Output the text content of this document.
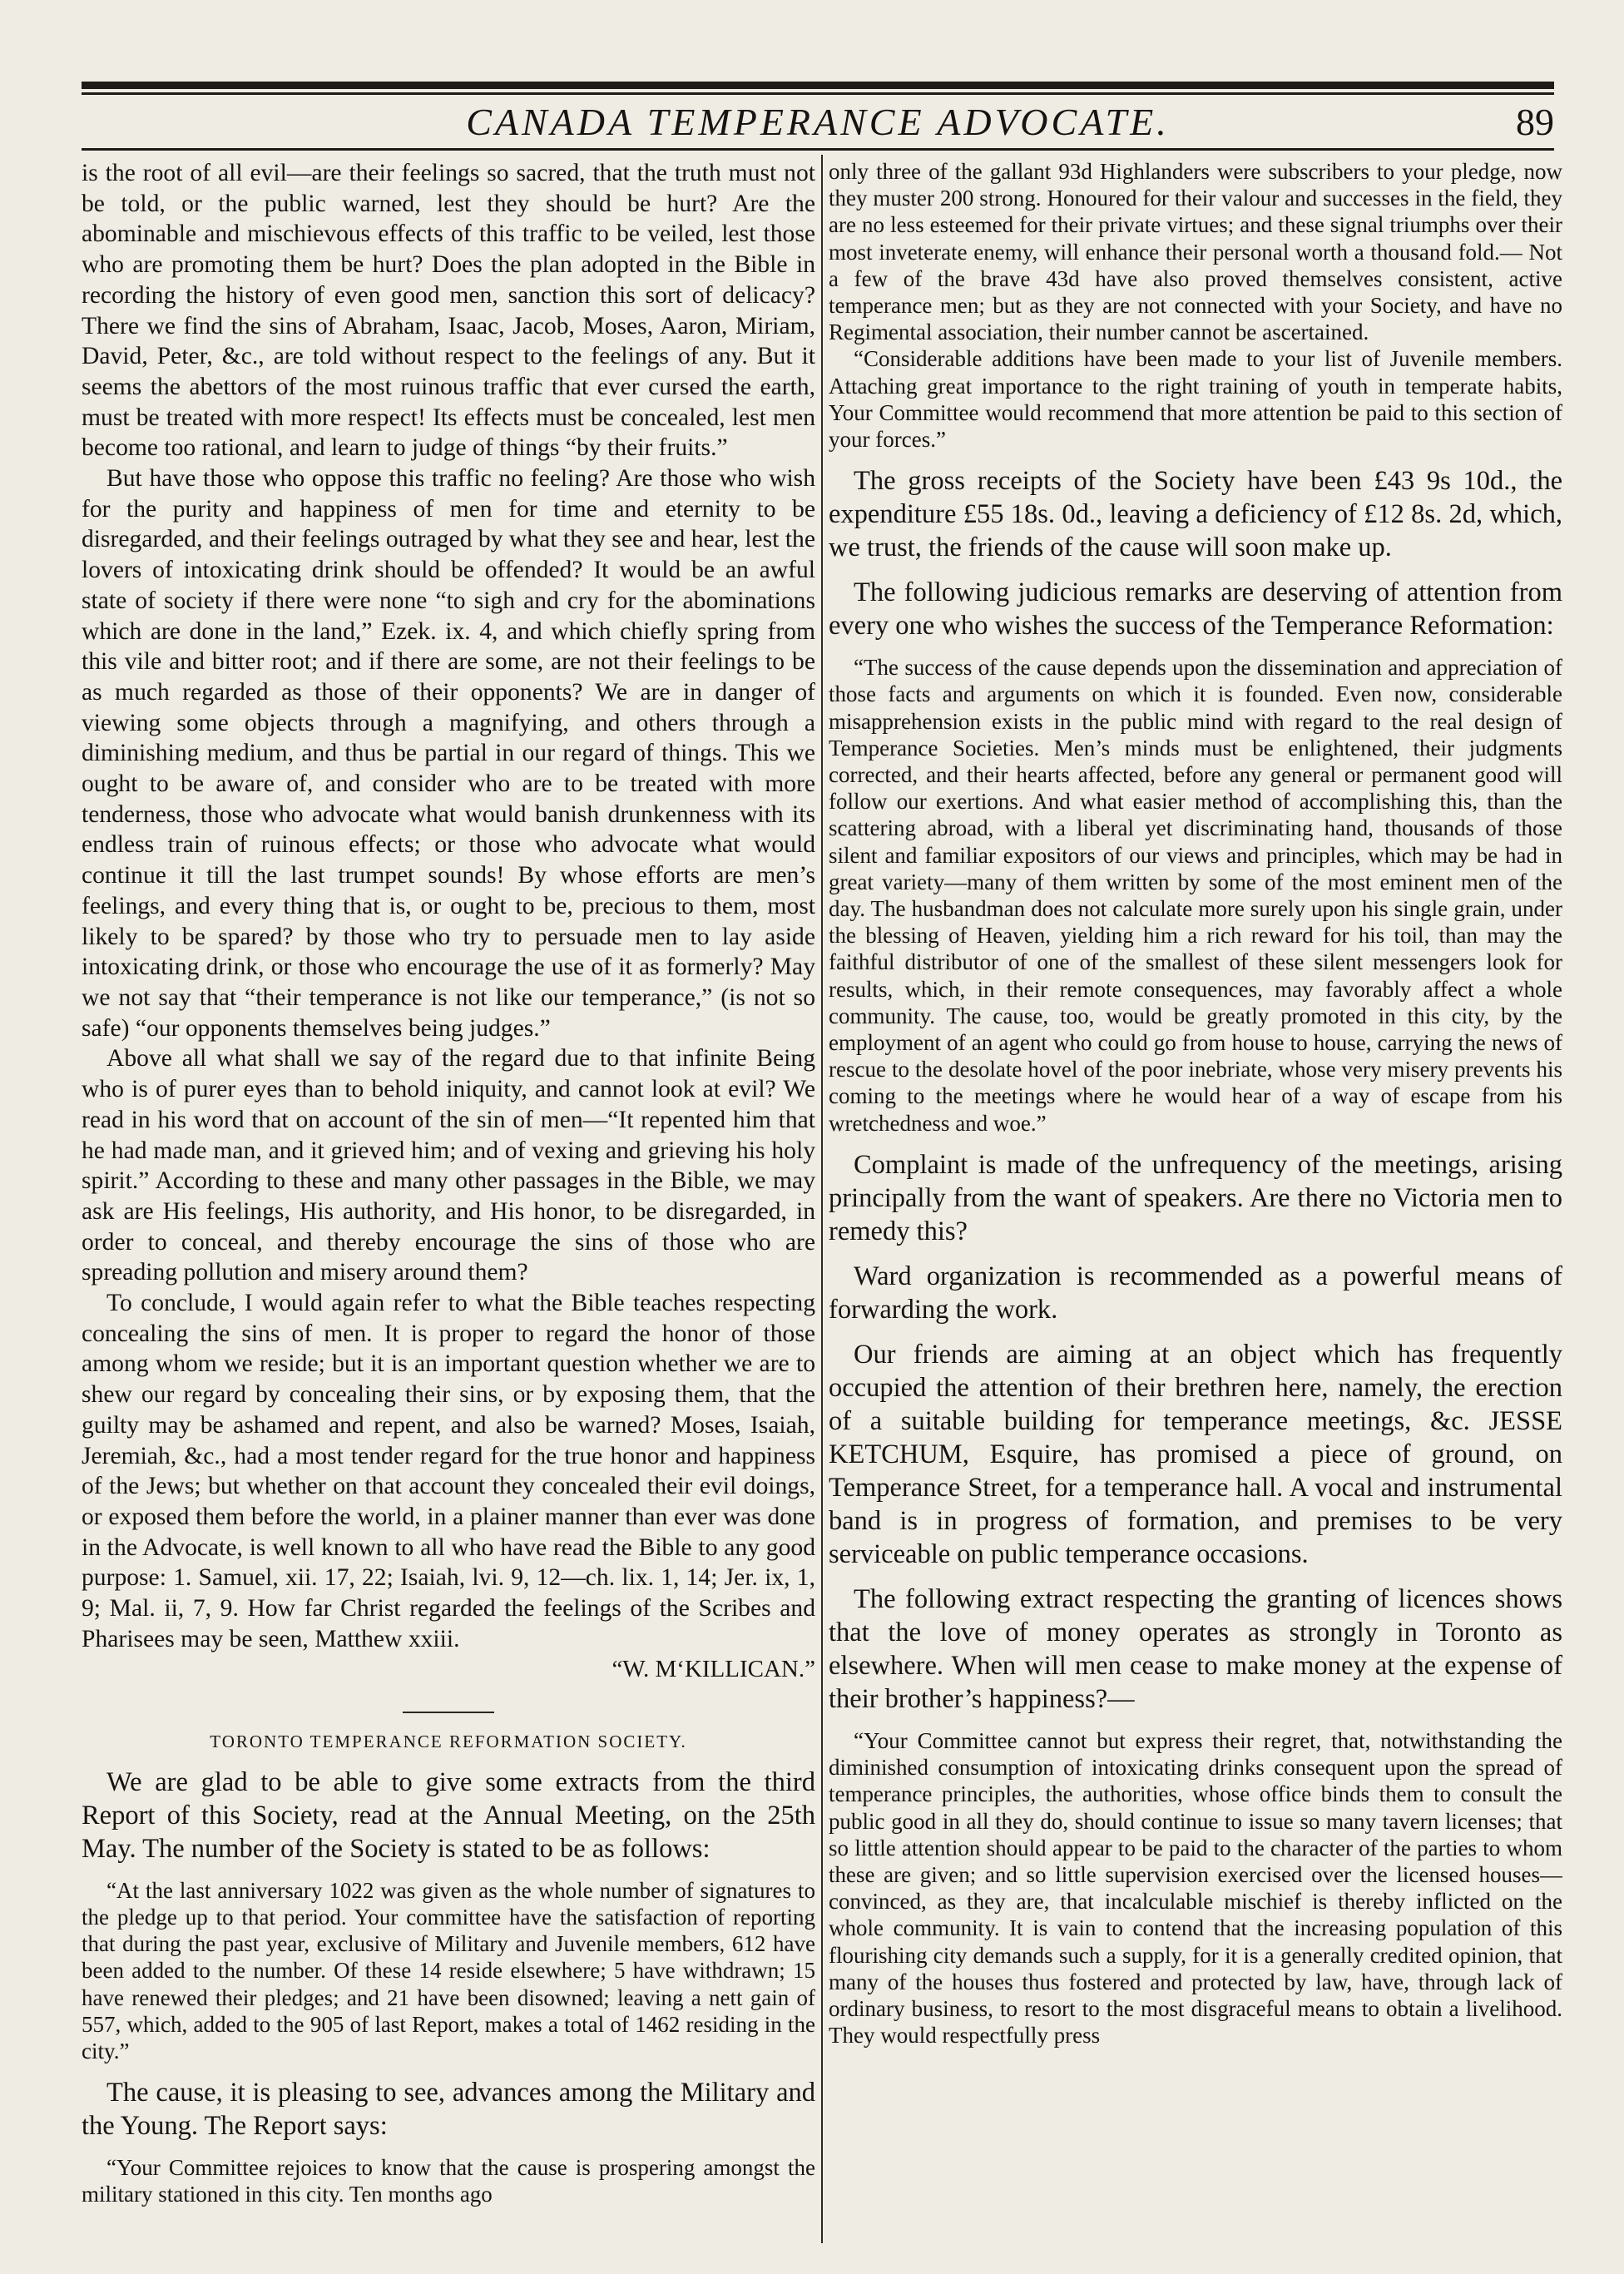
CANADA TEMPERANCE ADVOCATE.	89

is the root of all evil—are their feelings so sacred, that the truth must not be told, or the public warned, lest they should be hurt? Are the abominable and mischievous effects of this traffic to be veiled, lest those who are promoting them be hurt? Does the plan adopted in the Bible in recording the history of even good men, sanction this sort of delicacy? There we find the sins of Abraham, Isaac, Jacob, Moses, Aaron, Miriam, David, Peter, &c., are told without respect to the feelings of any. But it seems the abettors of the most ruinous traffic that ever cursed the earth, must be treated with more respect! Its effects must be concealed, lest men become too rational, and learn to judge of things “by their fruits.”

But have those who oppose this traffic no feeling? Are those who wish for the purity and happiness of men for time and eternity to be disregarded, and their feelings outraged by what they see and hear, lest the lovers of intoxicating drink should be offended? It would be an awful state of society if there were none “to sigh and cry for the abominations which are done in the land,” Ezek. ix. 4, and which chiefly spring from this vile and bitter root; and if there are some, are not their feelings to be as much regarded as those of their opponents? We are in danger of viewing some objects through a magnifying, and others through a diminishing medium, and thus be partial in our regard of things. This we ought to be aware of, and consider who are to be treated with more tenderness, those who advocate what would banish drunkenness with its endless train of ruinous effects; or those who advocate what would continue it till the last trumpet sounds! By whose efforts are men’s feelings, and every thing that is, or ought to be, precious to them, most likely to be spared? by those who try to persuade men to lay aside intoxicating drink, or those who encourage the use of it as formerly? May we not say that “their temperance is not like our temperance,” (is not so safe) “our opponents themselves being judges.”

Above all what shall we say of the regard due to that infinite Being who is of purer eyes than to behold iniquity, and cannot look at evil? We read in his word that on account of the sin of men—“It repented him that he had made man, and it grieved him; and of vexing and grieving his holy spirit.” According to these and many other passages in the Bible, we may ask are His feelings, His authority, and His honor, to be disregarded, in order to conceal, and thereby encourage the sins of those who are spreading pollution and misery around them?

To conclude, I would again refer to what the Bible teaches respecting concealing the sins of men. It is proper to regard the honor of those among whom we reside; but it is an important question whether we are to shew our regard by concealing their sins, or by exposing them, that the guilty may be ashamed and repent, and also be warned? Moses, Isaiah, Jeremiah, &c., had a most tender regard for the true honor and happiness of the Jews; but whether on that account they concealed their evil doings, or exposed them before the world, in a plainer manner than ever was done in the Advocate, is well known to all who have read the Bible to any good purpose: 1. Samuel, xii. 17, 22; Isaiah, lvi. 9, 12—ch. lix. 1, 14; Jer. ix, 1, 9; Mal. ii, 7, 9. How far Christ regarded the feelings of the Scribes and Pharisees may be seen, Matthew xxiii.

“W. M‘KILLICAN.”

TORONTO TEMPERANCE REFORMATION SOCIETY.

We are glad to be able to give some extracts from the third Report of this Society, read at the Annual Meeting, on the 25th May. The number of the Society is stated to be as follows:

“At the last anniversary 1022 was given as the whole number of signatures to the pledge up to that period. Your committee have the satisfaction of reporting that during the past year, exclusive of Military and Juvenile members, 612 have been added to the number. Of these 14 reside elsewhere; 5 have withdrawn; 15 have renewed their pledges; and 21 have been disowned; leaving a nett gain of 557, which, added to the 905 of last Report, makes a total of 1462 residing in the city.”

The cause, it is pleasing to see, advances among the Military and the Young. The Report says:

“Your Committee rejoices to know that the cause is prospering amongst the military stationed in this city. Ten months ago

only three of the gallant 93d Highlanders were subscribers to your pledge, now they muster 200 strong. Honoured for their valour and successes in the field, they are no less esteemed for their private virtues; and these signal triumphs over their most inveterate enemy, will enhance their personal worth a thousand fold.— Not a few of the brave 43d have also proved themselves consistent, active temperance men; but as they are not connected with your Society, and have no Regimental association, their number cannot be ascertained.

“Considerable additions have been made to your list of Juvenile members. Attaching great importance to the right training of youth in temperate habits, Your Committee would recommend that more attention be paid to this section of your forces.”

The gross receipts of the Society have been £43 9s 10d., the expenditure £55 18s. 0d., leaving a deficiency of £12 8s. 2d, which, we trust, the friends of the cause will soon make up.

The following judicious remarks are deserving of attention from every one who wishes the success of the Temperance Reformation:

“The success of the cause depends upon the dissemination and appreciation of those facts and arguments on which it is founded. Even now, considerable misapprehension exists in the public mind with regard to the real design of Temperance Societies. Men’s minds must be enlightened, their judgments corrected, and their hearts affected, before any general or permanent good will follow our exertions. And what easier method of accomplishing this, than the scattering abroad, with a liberal yet discriminating hand, thousands of those silent and familiar expositors of our views and principles, which may be had in great variety—many of them written by some of the most eminent men of the day. The husbandman does not calculate more surely upon his single grain, under the blessing of Heaven, yielding him a rich reward for his toil, than may the faithful distributor of one of the smallest of these silent messengers look for results, which, in their remote consequences, may favorably affect a whole community. The cause, too, would be greatly promoted in this city, by the employment of an agent who could go from house to house, carrying the news of rescue to the desolate hovel of the poor inebriate, whose very misery prevents his coming to the meetings where he would hear of a way of escape from his wretchedness and woe.”

Complaint is made of the unfrequency of the meetings, arising principally from the want of speakers. Are there no Victoria men to remedy this?

Ward organization is recommended as a powerful means of forwarding the work.

Our friends are aiming at an object which has frequently occupied the attention of their brethren here, namely, the erection of a suitable building for temperance meetings, &c. JESSE KETCHUM, Esquire, has promised a piece of ground, on Temperance Street, for a temperance hall. A vocal and instrumental band is in progress of formation, and premises to be very serviceable on public temperance occasions.

The following extract respecting the granting of licences shows that the love of money operates as strongly in Toronto as elsewhere. When will men cease to make money at the expense of their brother’s happiness?—

“Your Committee cannot but express their regret, that, notwithstanding the diminished consumption of intoxicating drinks consequent upon the spread of temperance principles, the authorities, whose office binds them to consult the public good in all they do, should continue to issue so many tavern licenses; that so little attention should appear to be paid to the character of the parties to whom these are given; and so little supervision exercised over the licensed houses—convinced, as they are, that incalculable mischief is thereby inflicted on the whole community. It is vain to contend that the increasing population of this flourishing city demands such a supply, for it is a generally credited opinion, that many of the houses thus fostered and protected by law, have, through lack of ordinary business, to resort to the most disgraceful means to obtain a livelihood. They would respectfully press
